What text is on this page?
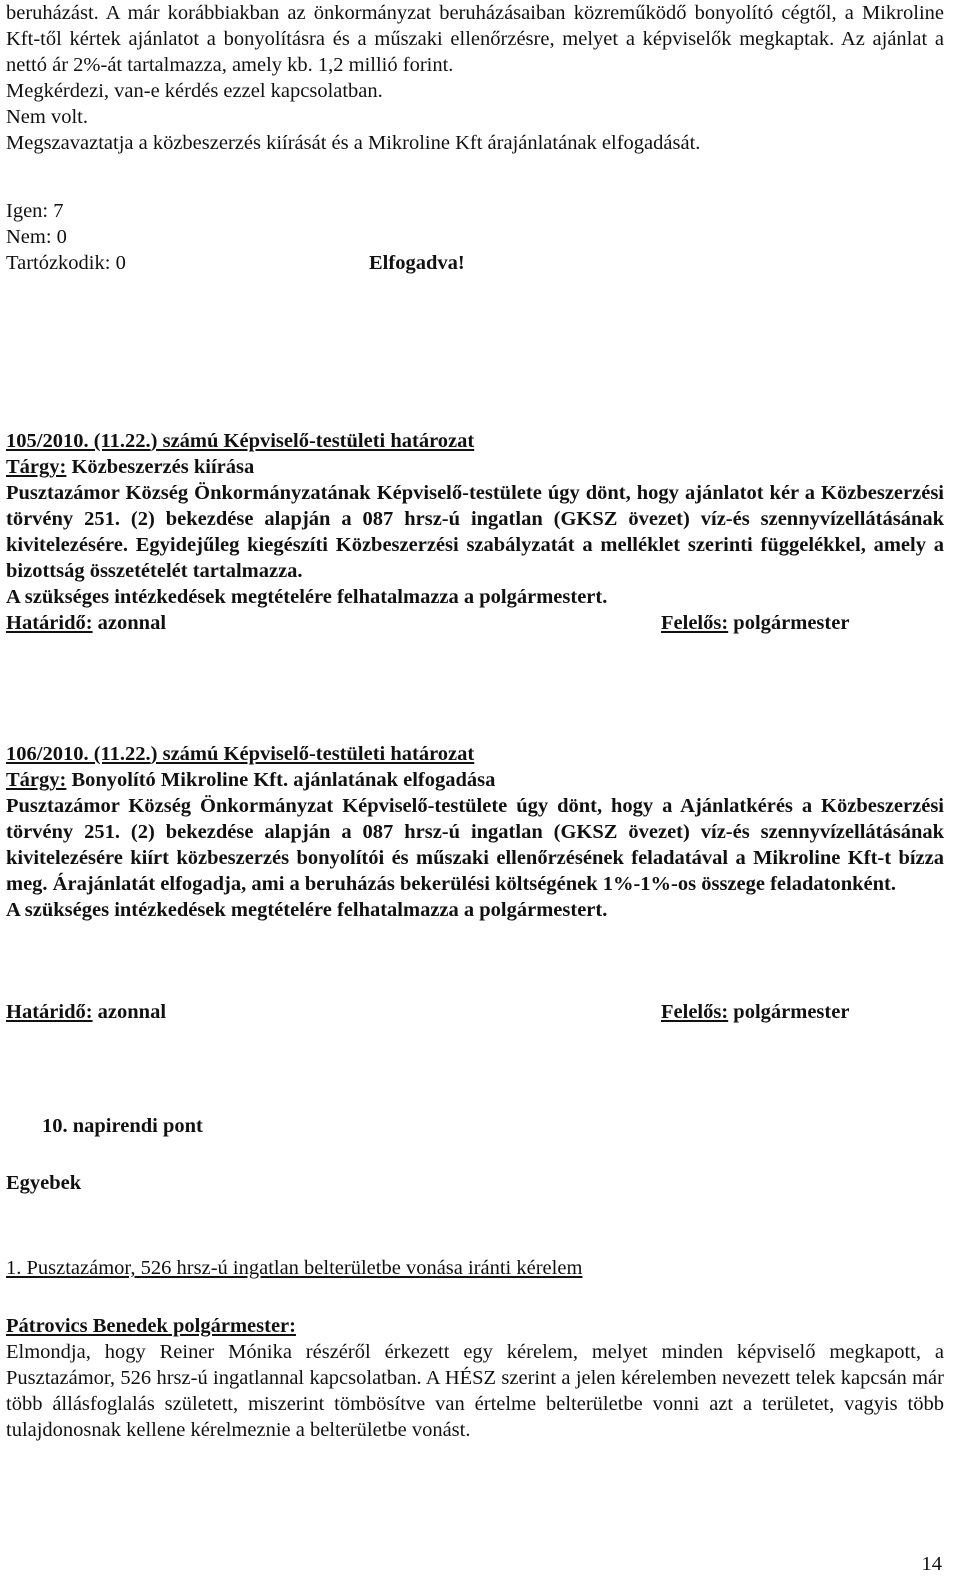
beruházást. A már korábbiakban az önkormányzat beruházásaiban közreműködő bonyolító cégtől, a Mikroline Kft-től kértek ajánlatot a bonyolításra és a műszaki ellenőrzésre, melyet a képviselők megkaptak. Az ajánlat a nettó ár 2%-át tartalmazza, amely kb. 1,2 millió forint.

Megkérdezi, van-e kérdés ezzel kapcsolatban.

Nem volt.

Megszavaztatja a közbeszerzés kiírását és a Mikroline Kft árajánlatának elfogadását.

Igen: 7
Nem: 0
Tartózkodik: 0	Elfogadva!
105/2010. (11.22.) számú Képviselő-testületi határozat
Tárgy: Közbeszerzés kiírása

Pusztazámor Község Önkormányzatának Képviselő-testülete úgy dönt, hogy ajánlatot kér a Közbeszerzési törvény 251. (2) bekezdése alapján a 087 hrsz-ú ingatlan (GKSZ övezet) víz-és szennyvízellátásának kivitelezésére. Egyidejűleg kiegészíti Közbeszerzési szabályzatát a melléklet szerinti függelékkel, amely a bizottság összetételét tartalmazza.

A szükséges intézkedések megtételére felhatalmazza a polgármestert.

Határidő: azonnal	Felelős: polgármester
106/2010. (11.22.) számú Képviselő-testületi határozat
Tárgy: Bonyolító Mikroline Kft. ajánlatának elfogadása

Pusztazámor Község Önkormányzat Képviselő-testülete úgy dönt, hogy a Ajánlatkérés a Közbeszerzési törvény 251. (2) bekezdése alapján a 087 hrsz-ú ingatlan (GKSZ övezet) víz-és szennyvízellátásának kivitelezésére kiírt közbeszerzés bonyolítói és műszaki ellenőrzésének feladatával a Mikroline Kft-t bízza meg. Árajánlatát elfogadja, ami a beruházás bekerülési költségének 1%-1%-os összege feladatonként.

A szükséges intézkedések megtételére felhatalmazza a polgármestert.

Határidő: azonnal	Felelős: polgármester
10. napirendi pont
Egyebek
1. Pusztazámor, 526 hrsz-ú ingatlan belterületbe vonása iránti kérelem
Pátrovics Benedek polgármester:

Elmondja, hogy Reiner Mónika részéről érkezett egy kérelem, melyet minden képviselő megkapott, a Pusztazámor, 526 hrsz-ú ingatlannal kapcsolatban. A HÉSZ szerint a jelen kérelemben nevezett telek kapcsán már több állásfoglalás született, miszerint tömbösítve van értelme belterületbe vonni azt a területet, vagyis több tulajdonosnak kellene kérelmeznie a belterületbe vonást.

14
